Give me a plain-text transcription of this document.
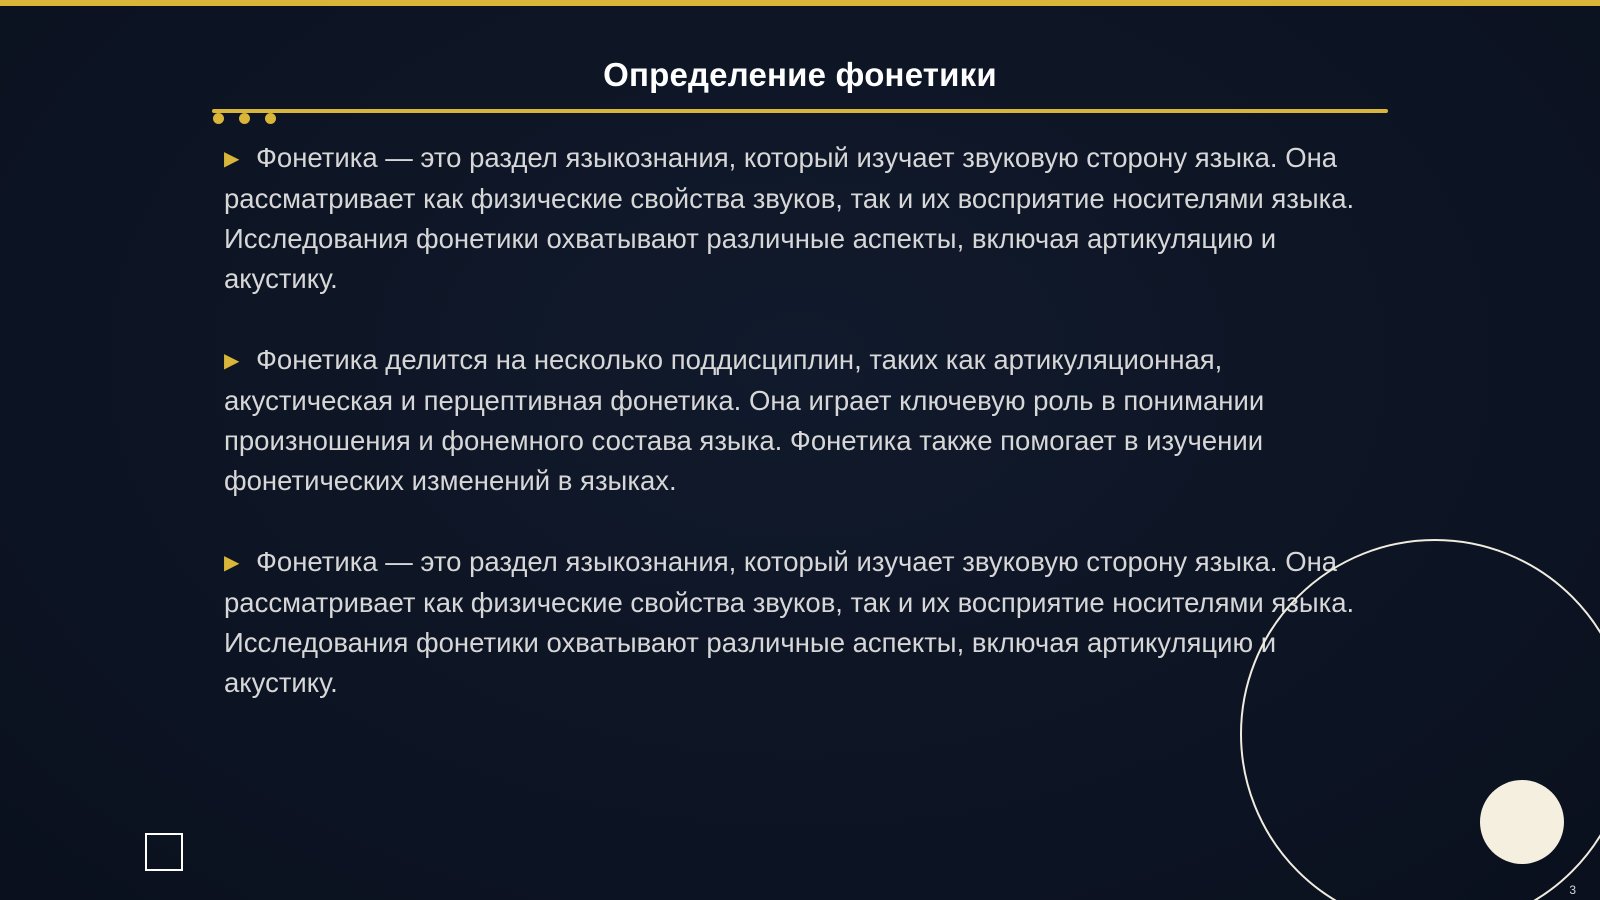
Определение фонетики

▶ Фонетика — это раздел языкознания, который изучает звуковую сторону языка. Она рассматривает как физические свойства звуков, так и их восприятие носителями языка. Исследования фонетики охватывают различные аспекты, включая артикуляцию и акустику.

▶ Фонетика делится на несколько поддисциплин, таких как артикуляционная, акустическая и перцептивная фонетика. Она играет ключевую роль в понимании произношения и фонемного состава языка. Фонетика также помогает в изучении фонетических изменений в языках.

▶ Фонетика — это раздел языкознания, который изучает звуковую сторону языка. Она рассматривает как физические свойства звуков, так и их восприятие носителями языка. Исследования фонетики охватывают различные аспекты, включая артикуляцию и акустику.

3
